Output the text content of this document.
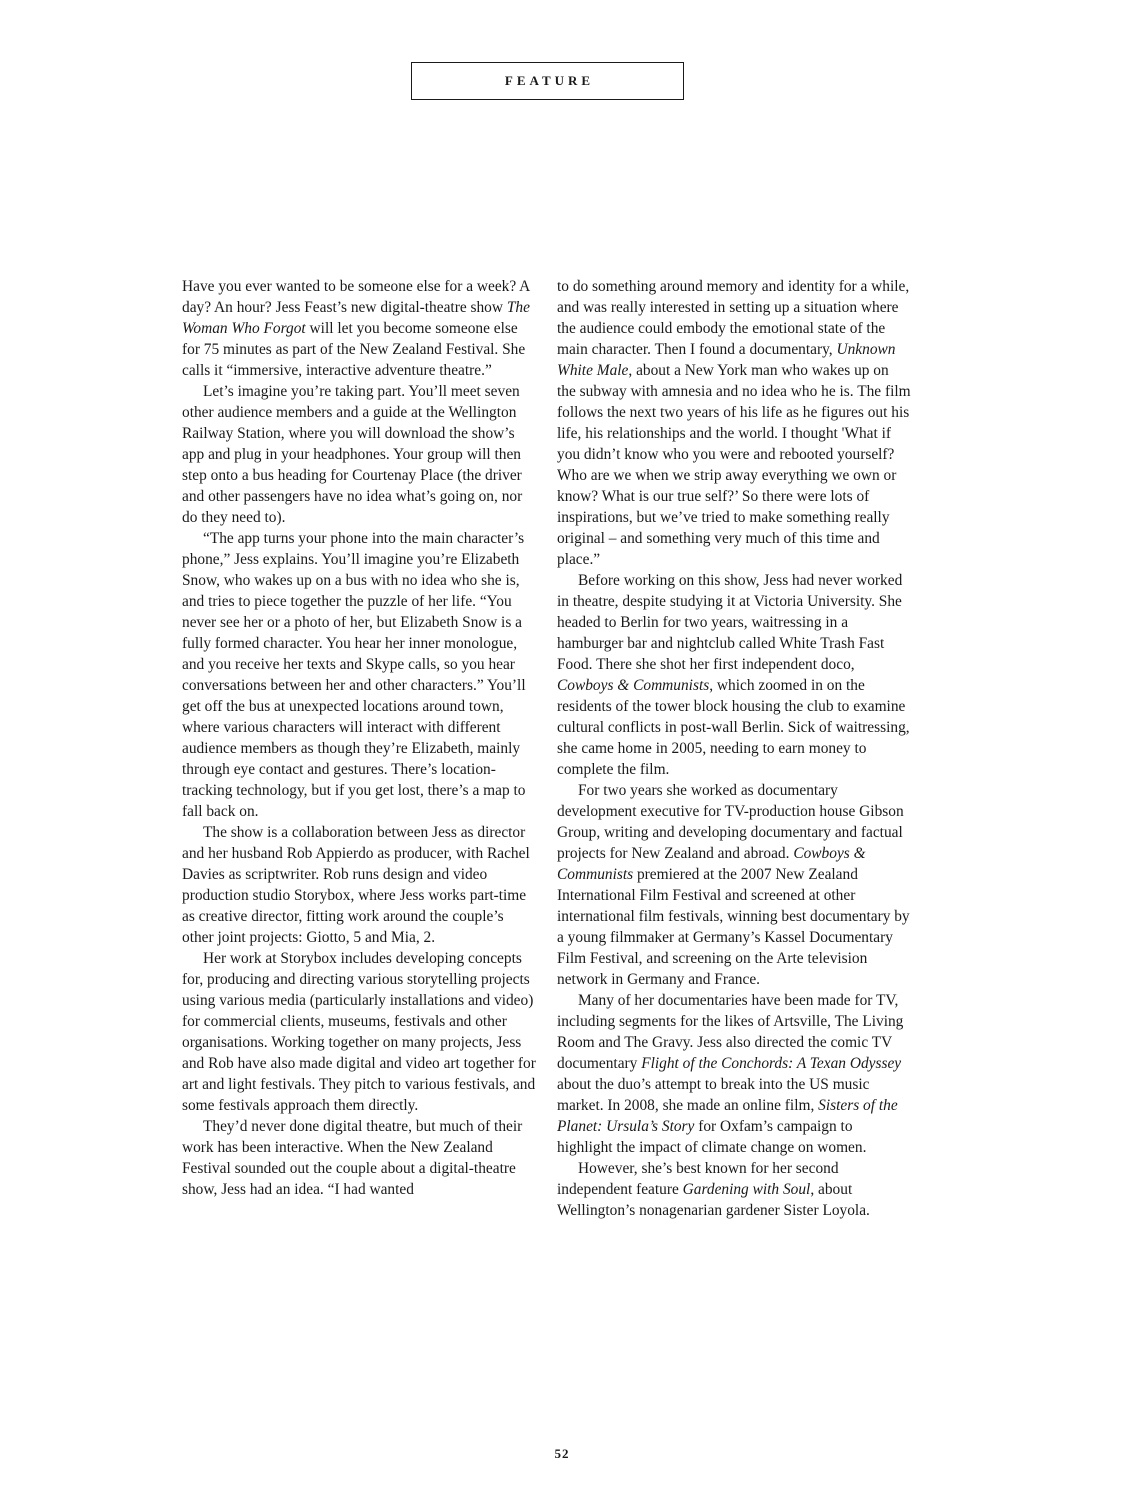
FEATURE

Have you ever wanted to be someone else for a week? A day? An hour? Jess Feast’s new digital-theatre show The Woman Who Forgot will let you become someone else for 75 minutes as part of the New Zealand Festival. She calls it “immersive, interactive adventure theatre.”

Let’s imagine you’re taking part. You’ll meet seven other audience members and a guide at the Wellington Railway Station, where you will download the show’s app and plug in your headphones. Your group will then step onto a bus heading for Courtenay Place (the driver and other passengers have no idea what’s going on, nor do they need to).

“The app turns your phone into the main character’s phone,” Jess explains. You’ll imagine you’re Elizabeth Snow, who wakes up on a bus with no idea who she is, and tries to piece together the puzzle of her life. “You never see her or a photo of her, but Elizabeth Snow is a fully formed character. You hear her inner monologue, and you receive her texts and Skype calls, so you hear conversations between her and other characters.” You’ll get off the bus at unexpected locations around town, where various characters will interact with different audience members as though they’re Elizabeth, mainly through eye contact and gestures. There’s location-tracking technology, but if you get lost, there’s a map to fall back on.

The show is a collaboration between Jess as director and her husband Rob Appierdo as producer, with Rachel Davies as scriptwriter. Rob runs design and video production studio Storybox, where Jess works part-time as creative director, fitting work around the couple’s other joint projects: Giotto, 5 and Mia, 2.

Her work at Storybox includes developing concepts for, producing and directing various storytelling projects using various media (particularly installations and video) for commercial clients, museums, festivals and other organisations. Working together on many projects, Jess and Rob have also made digital and video art together for art and light festivals. They pitch to various festivals, and some festivals approach them directly.

They’d never done digital theatre, but much of their work has been interactive. When the New Zealand Festival sounded out the couple about a digital-theatre show, Jess had an idea. “I had wanted

to do something around memory and identity for a while, and was really interested in setting up a situation where the audience could embody the emotional state of the main character. Then I found a documentary, Unknown White Male, about a New York man who wakes up on the subway with amnesia and no idea who he is. The film follows the next two years of his life as he figures out his life, his relationships and the world. I thought 'What if you didn’t know who you were and rebooted yourself? Who are we when we strip away everything we own or know? What is our true self?’ So there were lots of inspirations, but we’ve tried to make something really original – and something very much of this time and place.”

Before working on this show, Jess had never worked in theatre, despite studying it at Victoria University. She headed to Berlin for two years, waitressing in a hamburger bar and nightclub called White Trash Fast Food. There she shot her first independent doco, Cowboys & Communists, which zoomed in on the residents of the tower block housing the club to examine cultural conflicts in post-wall Berlin. Sick of waitressing, she came home in 2005, needing to earn money to complete the film.

For two years she worked as documentary development executive for TV-production house Gibson Group, writing and developing documentary and factual projects for New Zealand and abroad. Cowboys & Communists premiered at the 2007 New Zealand International Film Festival and screened at other international film festivals, winning best documentary by a young filmmaker at Germany’s Kassel Documentary Film Festival, and screening on the Arte television network in Germany and France.

Many of her documentaries have been made for TV, including segments for the likes of Artsville, The Living Room and The Gravy. Jess also directed the comic TV documentary Flight of the Conchords: A Texan Odyssey about the duo’s attempt to break into the US music market. In 2008, she made an online film, Sisters of the Planet: Ursula’s Story for Oxfam’s campaign to highlight the impact of climate change on women.

However, she’s best known for her second independent feature Gardening with Soul, about Wellington’s nonagenarian gardener Sister Loyola.

52
